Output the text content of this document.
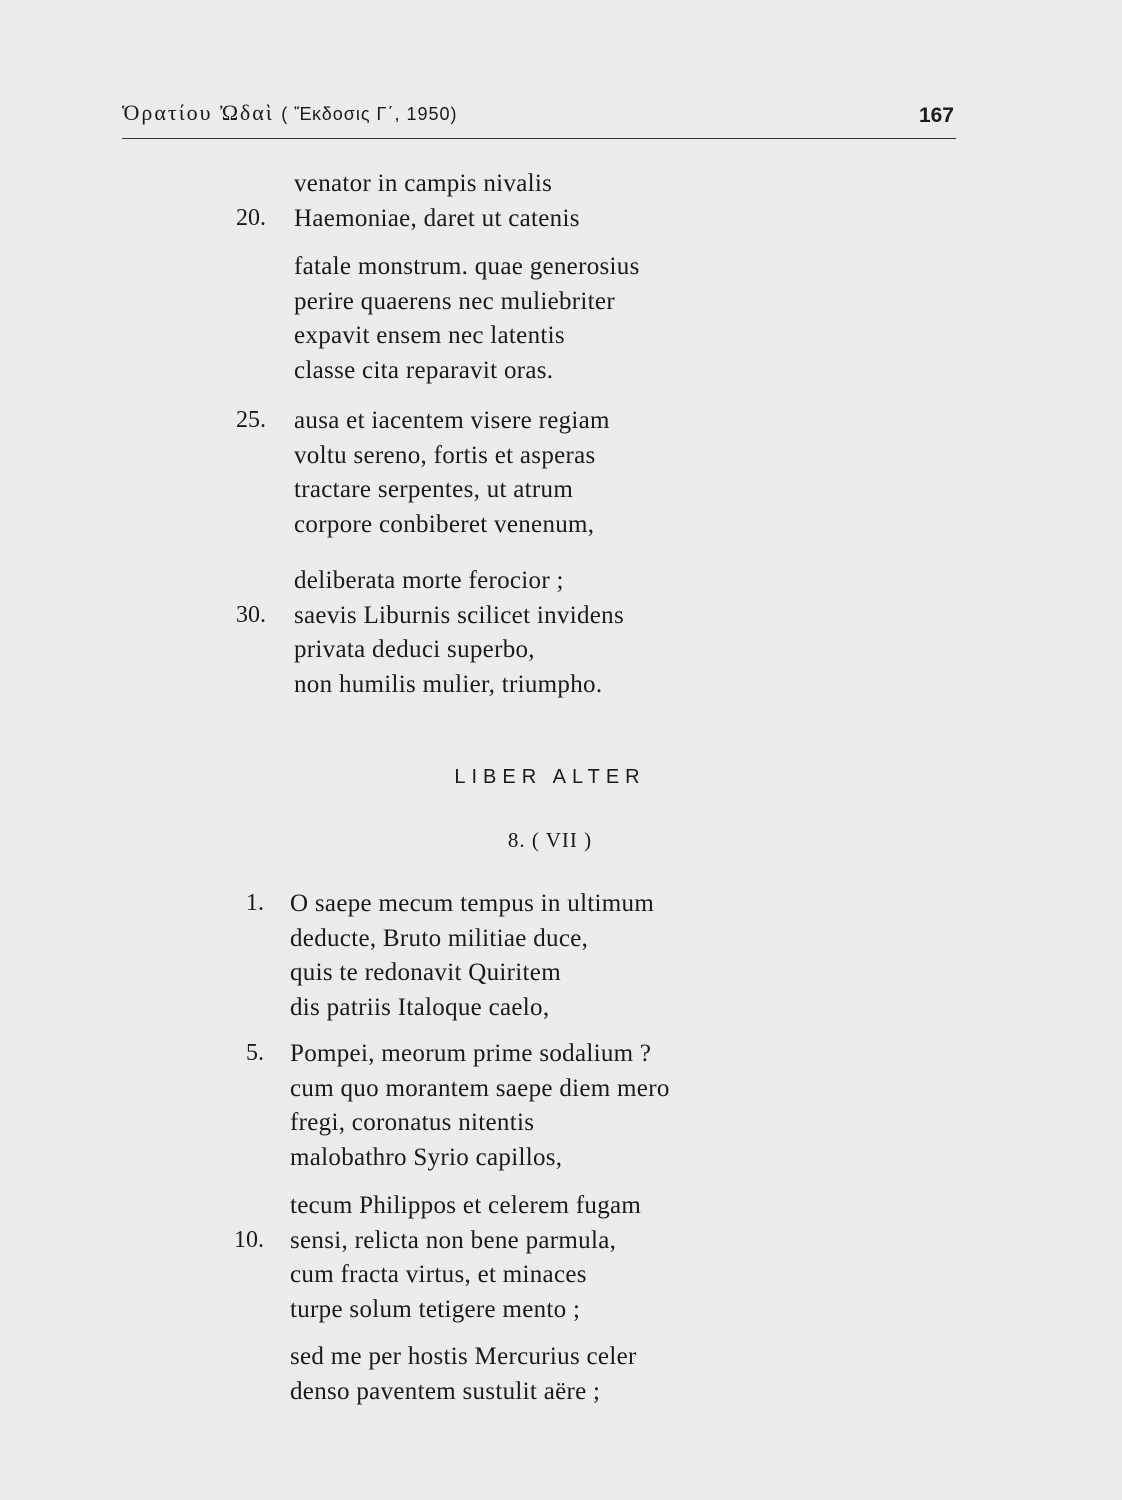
Ὁρατίου Ὠδαὶ ( Ἔκδοσις Γ΄, 1950)	167
venator in campis nivalis
Haemoniae, daret ut catenis
20.
fatale monstrum. quae generosius
perire quaerens nec muliebriter
expavit ensem nec latentis
classe cita reparavit oras.
ausa et iacentem visere regiam
25.
voltu sereno, fortis et asperas
tractare serpentes, ut atrum
corpore conbiberet venenum,
deliberata morte ferocior ;
saevis Liburnis scilicet invidens
30.
privata deduci superbo,
non humilis mulier, triumpho.
LIBER ALTER
8. ( VII )
O saepe mecum tempus in ultimum
1.
deducte, Bruto militiae duce,
quis te redonavit Quiritem
dis patriis Italoque caelo,
Pompei, meorum prime sodalium ?
5.
cum quo morantem saepe diem mero
fregi, coronatus nitentis
malobathro Syrio capillos,
tecum Philippos et celerem fugam
sensi, relicta non bene parmula,
10.
cum fracta virtus, et minaces
turpe solum tetigere mento ;
sed me per hostis Mercurius celer
denso paventem sustulit aëre ;
